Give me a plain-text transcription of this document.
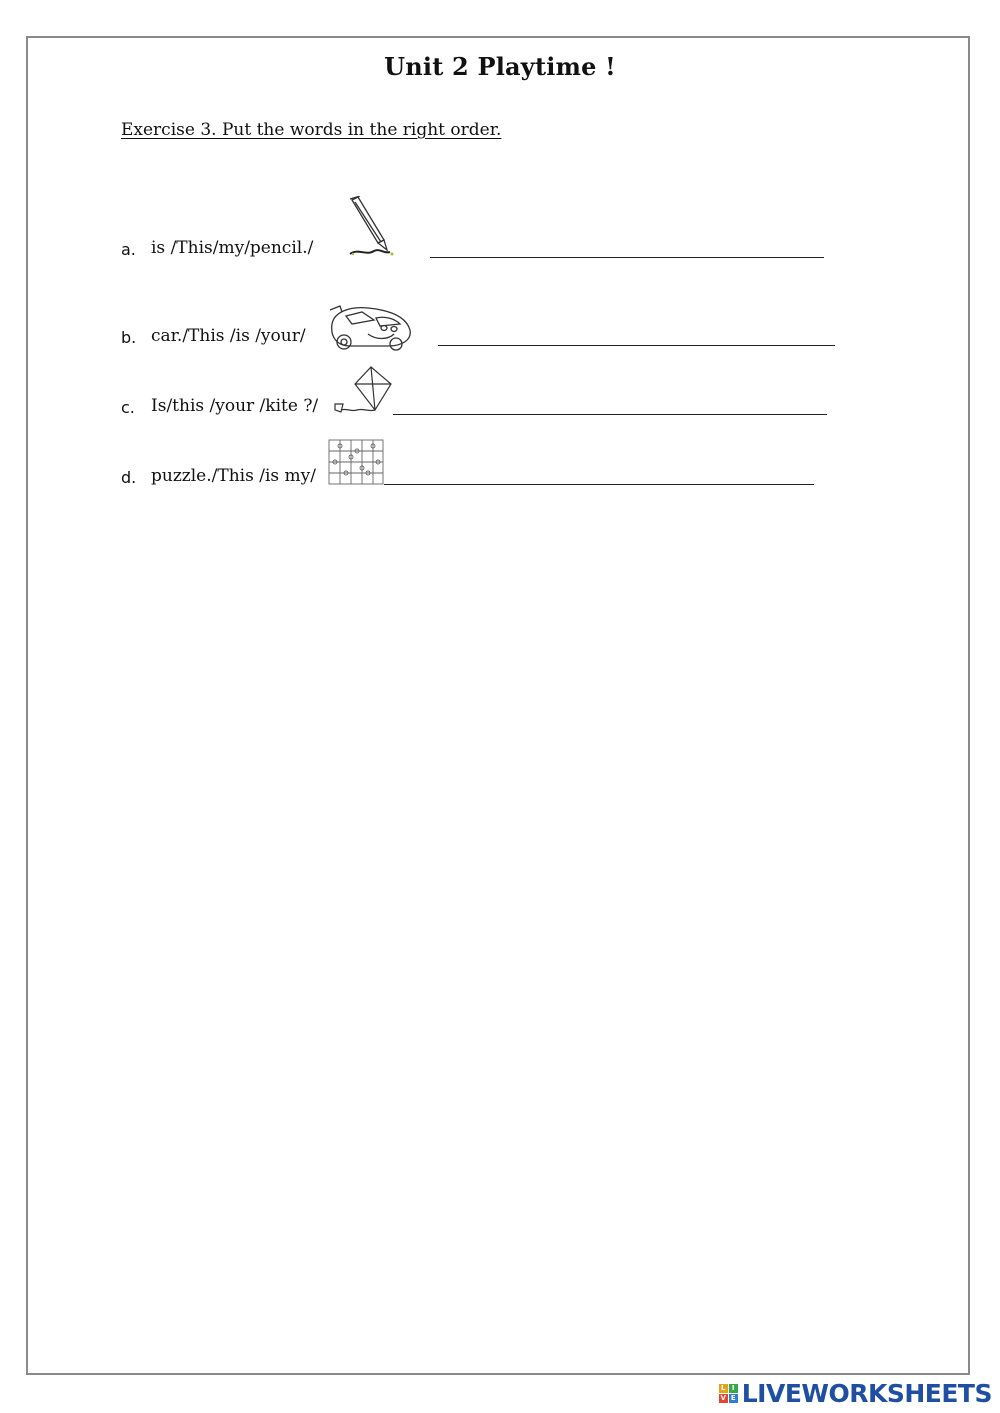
Unit 2 Playtime !
Exercise 3. Put the words in the right order.
a. is /This/my/pencil./
b. car./This /is /your/
c. Is/this /your /kite ?/
d. puzzle./This /is my/
L I
V E LIVEWORKSHEETS
